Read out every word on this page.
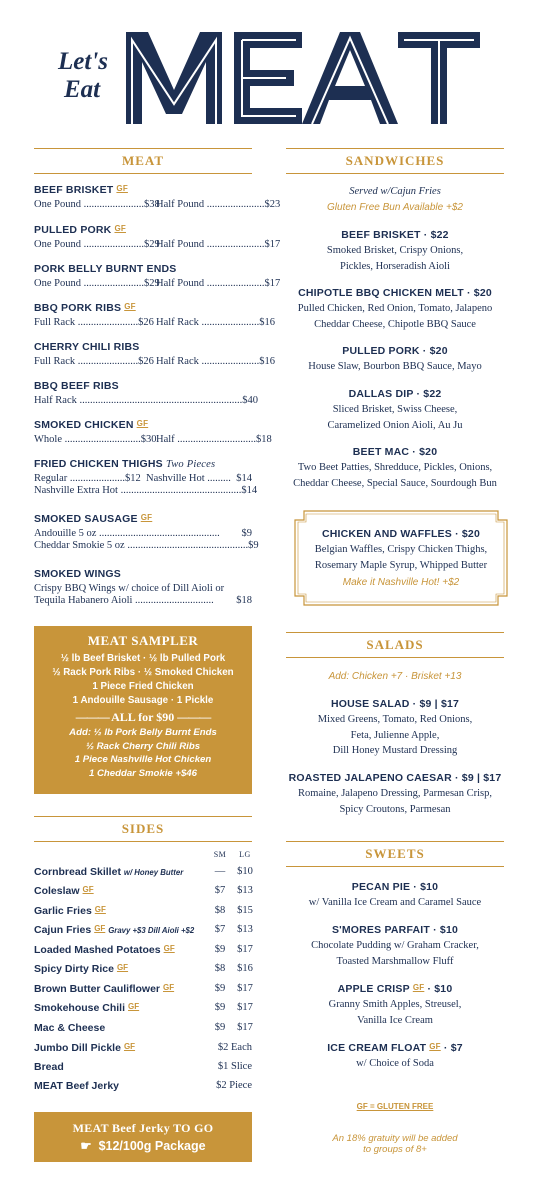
Let's
Eat
MEAT
BEEF BRISKET GF
One Pound ....................... $38
Half Pound ...................... $23
PULLED PORK GF
One Pound ....................... $29
Half Pound ...................... $17
PORK BELLY BURNT ENDS
One Pound ....................... $29
Half Pound ...................... $17
BBQ PORK RIBS GF
Full Rack ....................... $26 Half Rack ...................... $16
CHERRY CHILI RIBS
Full Rack ....................... $26 Half Rack ...................... $16
BBQ BEEF RIBS
Half Rack .............................................................. $40
SMOKED CHICKEN GF
Whole ............................. $30 Half .............................. $18
FRIED CHICKEN THIGHS Two Pieces
Regular ..................... $12 Nashville Hot ......... $14
Nashville Extra Hot .............................................. $14
SMOKED SAUSAGE GF
Andouille 5 oz ..............................................	$9
Cheddar Smokie 5 oz .............................................. $9
SMOKED WINGS
Crispy BBQ Wings w/ choice of Dill Aioli or
Tequila Habanero Aioli ..............................	$18
MEAT SAMPLER
½ lb Beef Brisket · ½ lb Pulled Pork
½ Rack Pork Ribs · ½ Smoked Chicken
1 Piece Fried Chicken
1 Andouille Sausage · 1 Pickle
——— ALL for $90 ———
Add: ½ lb Pork Belly Burnt Ends
½ Rack Cherry Chili Ribs
1 Piece Nashville Hot Chicken
1 Cheddar Smokie +$46
SIDES
SM	LG
Cornbread Skillet w/ Honey Butter	—	$10
Coleslaw GF	$7	$13
Garlic Fries GF	$8	$15
Cajun Fries GF Gravy +$3 Dill Aioli +$2	$7	$13
Loaded Mashed Potatoes GF	$9	$17
Spicy Dirty Rice GF	$8	$16
Brown Butter Cauliflower GF	$9	$17
Smokehouse Chili GF	$9	$17
Mac & Cheese	$9	$17
Jumbo Dill Pickle GF	$2 Each
Bread	$1 Slice
MEAT Beef Jerky	$2 Piece
MEAT Beef Jerky TO GO
☛ $12/100g Package
SANDWICHES
Served w/Cajun Fries
Gluten Free Bun Available +$2
BEEF BRISKET · $22
Smoked Brisket, Crispy Onions,
Pickles, Horseradish Aioli
CHIPOTLE BBQ CHICKEN MELT · $20
Pulled Chicken, Red Onion, Tomato, Jalapeno
Cheddar Cheese, Chipotle BBQ Sauce
PULLED PORK · $20
House Slaw, Bourbon BBQ Sauce, Mayo
DALLAS DIP · $22
Sliced Brisket, Swiss Cheese,
Caramelized Onion Aioli, Au Ju
BEET MAC · $20
Two Beet Patties, Shredduce, Pickles, Onions,
Cheddar Cheese, Special Sauce, Sourdough Bun
CHICKEN AND WAFFLES · $20
Belgian Waffles, Crispy Chicken Thighs,
Rosemary Maple Syrup, Whipped Butter
Make it Nashville Hot! +$2
SALADS
Add: Chicken +7 · Brisket +13
HOUSE SALAD · $9 | $17
Mixed Greens, Tomato, Red Onions,
Feta, Julienne Apple,
Dill Honey Mustard Dressing
ROASTED JALAPENO CAESAR · $9 | $17
Romaine, Jalapeno Dressing, Parmesan Crisp,
Spicy Croutons, Parmesan
SWEETS
PECAN PIE · $10
w/ Vanilla Ice Cream and Caramel Sauce
S'MORES PARFAIT · $10
Chocolate Pudding w/ Graham Cracker,
Toasted Marshmallow Fluff
APPLE CRISP GF · $10
Granny Smith Apples, Streusel,
Vanilla Ice Cream
ICE CREAM FLOAT GF · $7
w/ Choice of Soda
GF = GLUTEN FREE
An 18% gratuity will be added
to groups of 8+
